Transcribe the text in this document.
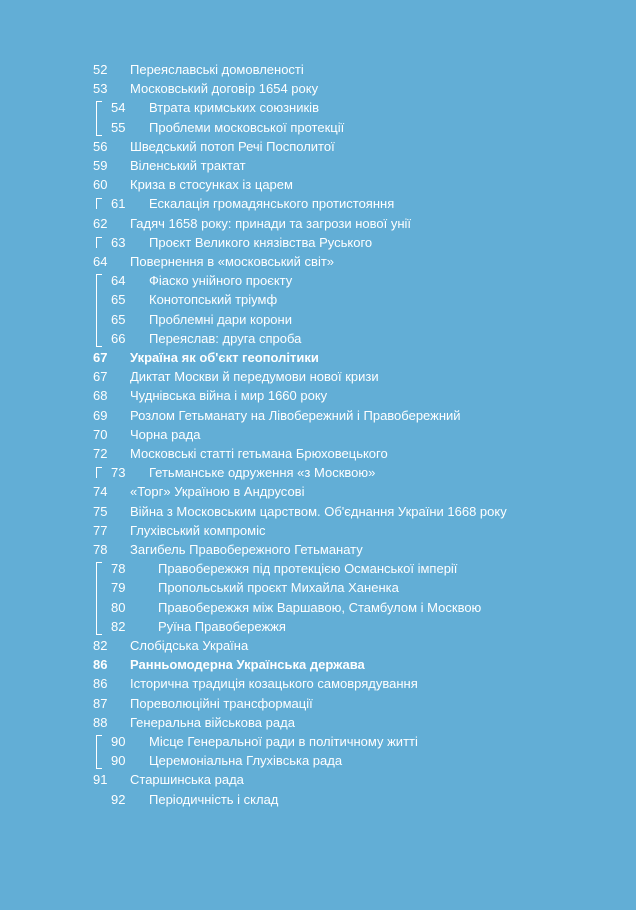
52 Переяславські домовленості
53 Московський договір 1654 року
54 Втрата кримських союзників
55 Проблеми московської протекції
56 Шведський потоп Речі Посполитої
59 Віленський трактат
60 Криза в стосунках із царем
61 Ескалація громадянського протистояння
62 Гадяч 1658 року: принади та загрози нової унії
63 Проєкт Великого князівства Руського
64 Повернення в «московський світ»
64 Фіаско унійного проєкту
65 Конотопський тріумф
65 Проблемні дари корони
66 Переяслав: друга спроба
67 Україна як об'єкт геополітики
67 Диктат Москви й передумови нової кризи
68 Чуднівська війна і мир 1660 року
69 Розлом Гетьманату на Лівобережний і Правобережний
70 Чорна рада
72 Московські статті гетьмана Брюховецького
73 Гетьманське одруження «з Москвою»
74 «Торг» Україною в Андрусові
75 Війна з Московським царством. Об'єднання України 1668 року
77 Глухівський компроміс
78 Загибель Правобережного Гетьманату
78	Правобережжя під протекцією Османської імперії
79	Пропольський проєкт Михайла Ханенка
80	Правобережжя між Варшавою, Стамбулом і Москвою
82	Руїна Правобережжя
82 Слобідська Україна
86 Ранньомодерна Українська держава
86 Історична традиція козацького самоврядування
87 Пореволюційні трансформації
88 Генеральна військова рада
90 Місце Генеральної ради в політичному житті
90 Церемоніальна Глухівська рада
91 Старшинська рада
92 Періодичність і склад
